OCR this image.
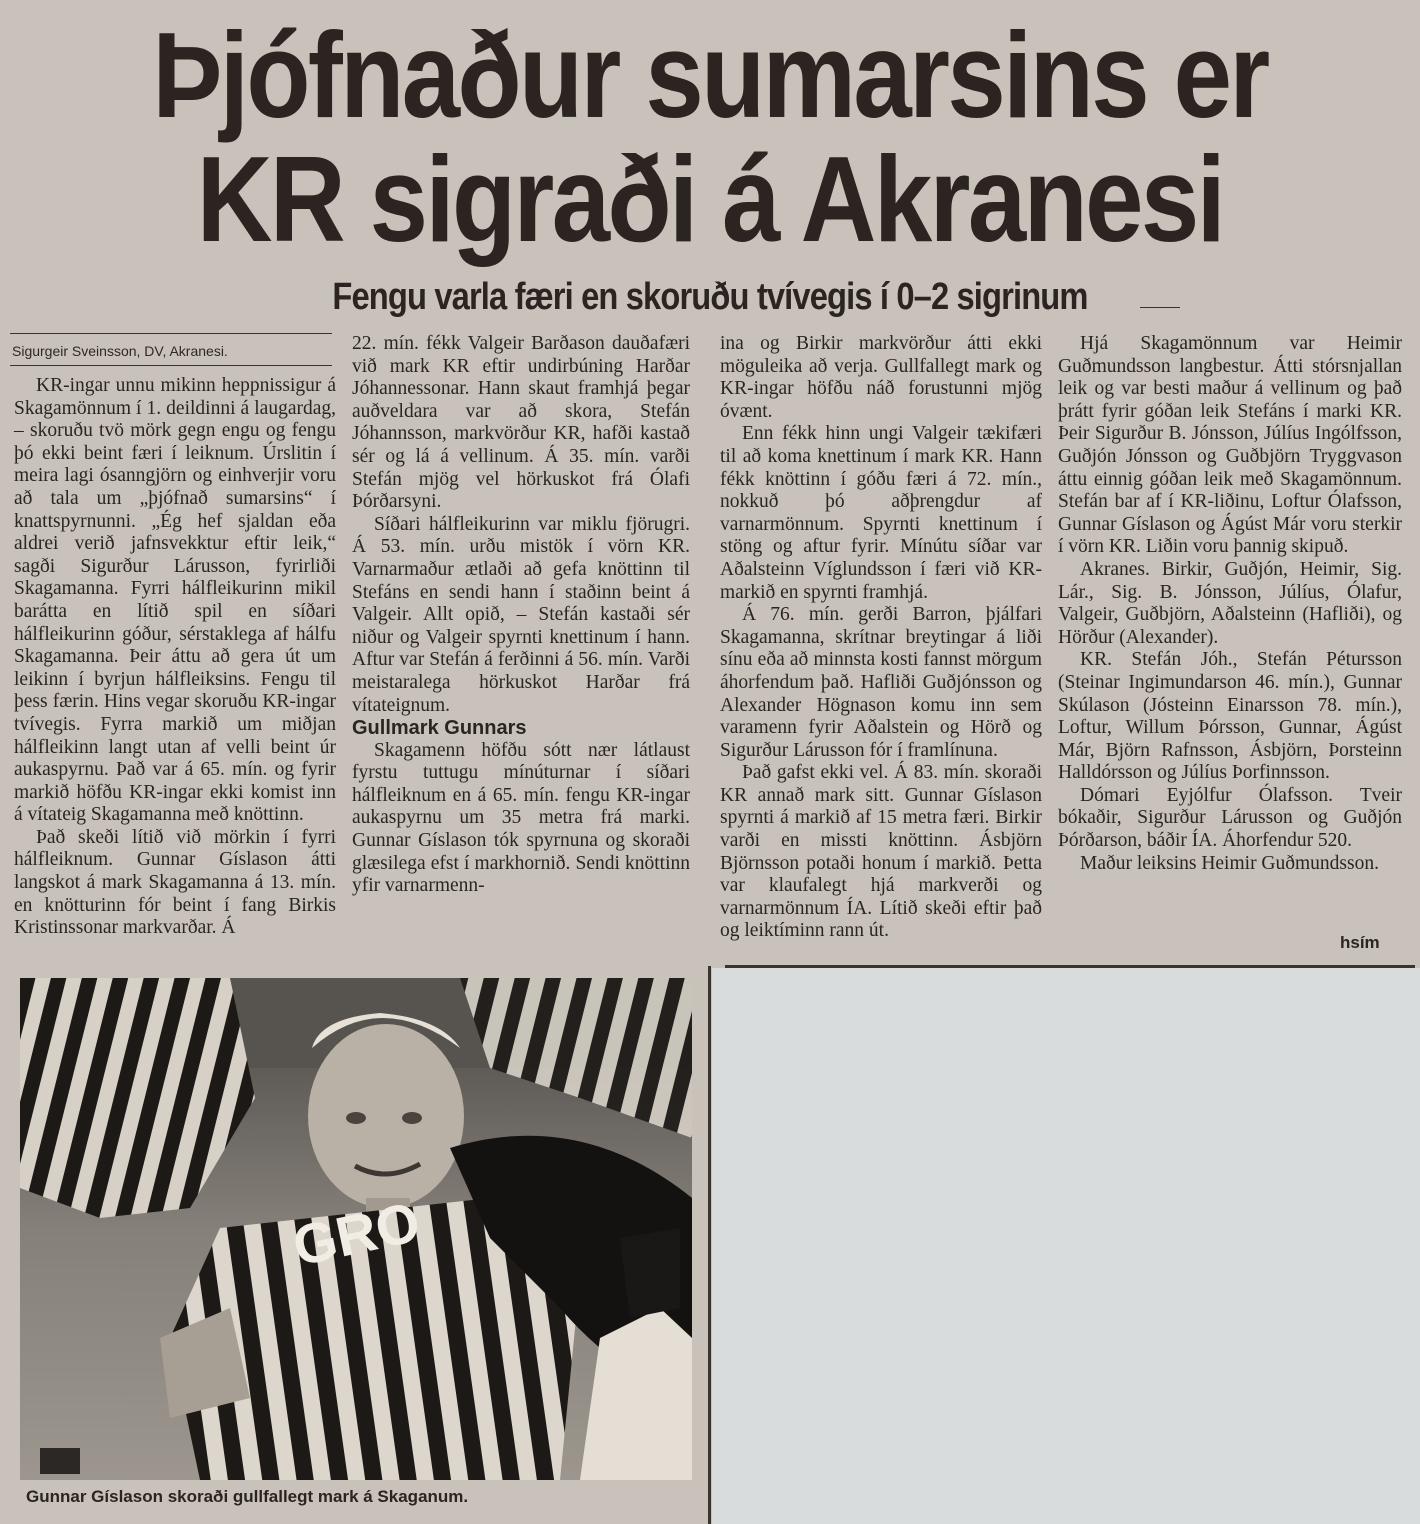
Þjófnaður sumarsins er
KR sigraði á Akranesi
Fengu varla færi en skoruðu tvívegis í 0–2 sigrinum
Sigurgeir Sveinsson, DV, Akranesi.

KR-ingar unnu mikinn heppnissigur á Skagamönnum í 1. deildinni á laugardag, – skoruðu tvö mörk gegn engu og fengu þó ekki beint færi í leiknum. Úrslitin í meira lagi ósanngjörn og einhverjir voru að tala um „þjófnað sumarsins“ í knattspyrnunni. „Ég hef sjaldan eða aldrei verið jafnsvekktur eftir leik,“ sagði Sigurður Lárusson, fyrirliði Skagamanna. Fyrri hálfleikurinn mikil barátta en lítið spil en síðari hálfleikurinn góður, sérstaklega af hálfu Skagamanna. Þeir áttu að gera út um leikinn í byrjun hálfleiksins. Fengu til þess færin. Hins vegar skoruðu KR-ingar tvívegis. Fyrra markið um miðjan hálfleikinn langt utan af velli beint úr aukaspyrnu. Það var á 65. mín. og fyrir markið höfðu KR-ingar ekki komist inn á vítateig Skagamanna með knöttinn.

Það skeði lítið við mörkin í fyrri hálfleiknum. Gunnar Gíslason átti langskot á mark Skagamanna á 13. mín. en knötturinn fór beint í fang Birkis Kristinssonar markvarðar. Á

22. mín. fékk Valgeir Barðason dauðafæri við mark KR eftir undirbúning Harðar Jóhannessonar. Hann skaut framhjá þegar auðveldara var að skora, Stefán Jóhannsson, markvörður KR, hafði kastað sér og lá á vellinum. Á 35. mín. varði Stefán mjög vel hörkuskot frá Ólafi Þórðarsyni.

Síðari hálfleikurinn var miklu fjörugri. Á 53. mín. urðu mistök í vörn KR. Varnarmaður ætlaði að gefa knöttinn til Stefáns en sendi hann í staðinn beint á Valgeir. Allt opið, – Stefán kastaði sér niður og Valgeir spyrnti knettinum í hann. Aftur var Stefán á ferðinni á 56. mín. Varði meistaralega hörkuskot Harðar frá vítateignum.

Gullmark Gunnars

Skagamenn höfðu sótt nær látlaust fyrstu tuttugu mínúturnar í síðari hálfleiknum en á 65. mín. fengu KR-ingar aukaspyrnu um 35 metra frá marki. Gunnar Gíslason tók spyrnuna og skoraði glæsilega efst í markhornið. Sendi knöttinn yfir varnarmenn-

ina og Birkir markvörður átti ekki möguleika að verja. Gullfallegt mark og KR-ingar höfðu náð forustunni mjög óvænt.

Enn fékk hinn ungi Valgeir tækifæri til að koma knettinum í mark KR. Hann fékk knöttinn í góðu færi á 72. mín., nokkuð þó aðþrengdur af varnarmönnum. Spyrnti knettinum í stöng og aftur fyrir. Mínútu síðar var Aðalsteinn Víglundsson í færi við KR-markið en spyrnti framhjá.

Á 76. mín. gerði Barron, þjálfari Skagamanna, skrítnar breytingar á liði sínu eða að minnsta kosti fannst mörgum áhorfendum það. Hafliði Guðjónsson og Alexander Högnason komu inn sem varamenn fyrir Aðalstein og Hörð og Sigurður Lárusson fór í framlínuna.

Það gafst ekki vel. Á 83. mín. skoraði KR annað mark sitt. Gunnar Gíslason spyrnti á markið af 15 metra færi. Birkir varði en missti knöttinn. Ásbjörn Björnsson potaði honum í markið. Þetta var klaufalegt hjá markverði og varnarmönnum ÍA. Lítið skeði eftir það og leiktíminn rann út.

Hjá Skagamönnum var Heimir Guðmundsson langbestur. Átti stórsnjallan leik og var besti maður á vellinum og það þrátt fyrir góðan leik Stefáns í marki KR. Þeir Sigurður B. Jónsson, Júlíus Ingólfsson, Guðjón Jónsson og Guðbjörn Tryggvason áttu einnig góðan leik með Skagamönnum. Stefán bar af í KR-liðinu, Loftur Ólafsson, Gunnar Gíslason og Ágúst Már voru sterkir í vörn KR. Liðin voru þannig skipuð.

Akranes. Birkir, Guðjón, Heimir, Sig. Lár., Sig. B. Jónsson, Júlíus, Ólafur, Valgeir, Guðbjörn, Aðalsteinn (Hafliði), og Hörður (Alexander).

KR. Stefán Jóh., Stefán Pétursson (Steinar Ingimundarson 46. mín.), Gunnar Skúlason (Jósteinn Einarsson 78. mín.), Loftur, Willum Þórsson, Gunnar, Ágúst Már, Björn Rafnsson, Ásbjörn, Þorsteinn Halldórsson og Júlíus Þorfinnsson.

Dómari Eyjólfur Ólafsson. Tveir bókaðir, Sigurður Lárusson og Guðjón Þórðarson, báðir ÍA. Áhorfendur 520.

Maður leiksins Heimir Guðmundsson.

hsím
GRO
Gunnar Gíslason skoraði gullfallegt mark á Skaganum.
